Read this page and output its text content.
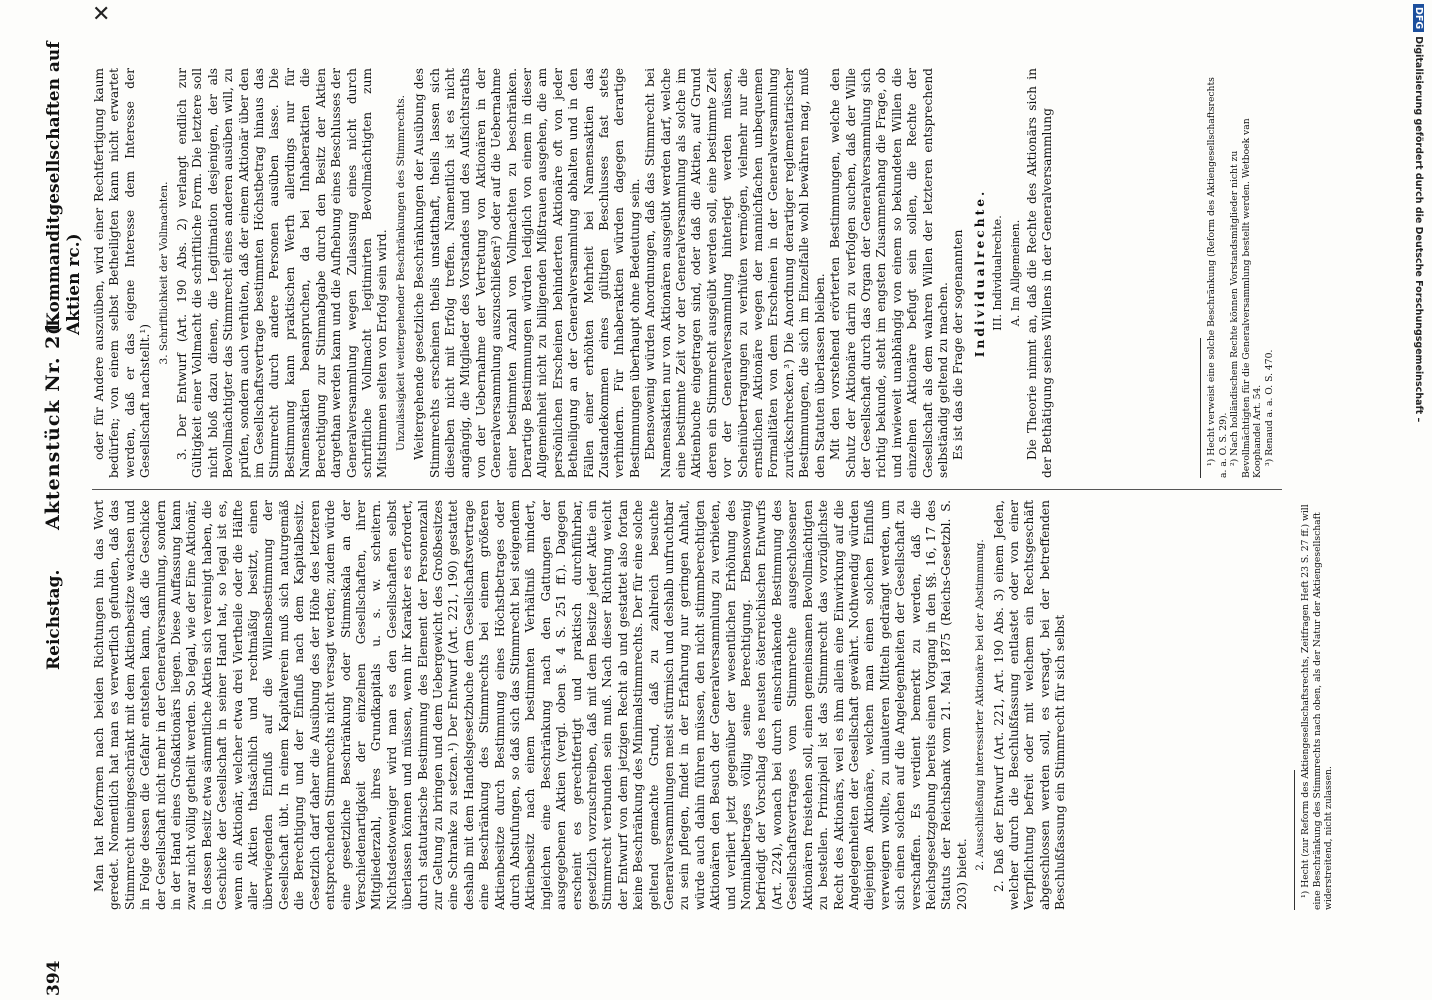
✕	DFGDigitalisierung gefördert durch die Deutsche Forschungsgemeinschaft –
394
Reichstag.
Aktenstück Nr. 21.
(Kommanditgesellschaften auf Aktien rc.)

Man hat Reformen nach beiden Richtungen hin das Wort geredet. Nomentlich hat man es verwerflich gefunden, daß das Stimmrecht uneingeschränkt mit dem Aktienbesitze wachsen und in Folge dessen die Gefahr entstehen kann, daß die Geschicke der Gesellschaft nicht mehr in der Generalversammlung, sondern in der Hand eines Großaktionärs liegen. Diese Auffassung kann zwar nicht völlig getheilt werden. So legal, wie der Eine Aktionär, in dessen Besitz etwa sämmtliche Aktien sich vereinigt haben, die Geschicke der Gesellschaft in seiner Hand hat, so legal ist es, wenn ein Aktionär, welcher etwa drei Viertheile oder die Hälfte aller Aktien thatsächlich und rechtmäßig besitzt, einen überwiegenden Einfluß auf die Willensbestimmung der Gesellschaft übt. In einem Kapitalverein muß sich naturgemäß die Berechtigung und der Einfluß nach dem Kapitalbesitz. Gesetzlich darf daher die Ausübung des der Höhe des letzteren entsprechenden Stimmrechts nicht versagt werden; zudem würde eine gesetzliche Beschränkung oder Stimmskala an der Verschiedenartigkeit der einzelnen Gesellschaften, ihrer Mitgliederzahl, ihres Grundkapitals u. s. w. scheitern. Nichtsdestoweniger wird man es den Gesellschaften selbst überlassen können und müssen, wenn ihr Karakter es erfordert, durch statutarische Bestimmung des Element der Personenzahl zur Geltung zu bringen und dem Uebergewicht des Großbesitzes eine Schranke zu setzen.¹) Der Entwurf (Art. 221, 190) gestattet deshalb mit dem Handelsgesetzbuche dem Gesellschaftsvertrage eine Beschränkung des Stimmrechts bei einem größeren Aktienbesitze durch Bestimmung eines Höchstbetrages oder durch Abstufungen, so daß sich das Stimmrecht bei steigendem Aktienbesitz nach einem bestimmten Verhältniß mindert, ingleichen eine Beschränkung nach den Gattungen der ausgegebenen Aktien (vergl. oben §. 4 S. 251 ff.). Dagegen erscheint es gerechtfertigt und praktisch durchführbar, gesetzlich vorzuschreiben, daß mit dem Besitze jeder Aktie ein Stimmrecht verbunden sein muß. Nach dieser Richtung weicht der Entwurf von dem jetzigen Recht ab und gestattet also fortan keine Beschränkung des Minimalstimmrechts. Der für eine solche geltend gemachte Grund, daß zu zahlreich besuchte Generalversammlungen meist stürmisch und deshalb unfruchtbar zu sein pflegen, findet in der Erfahrung nur geringen Anhalt, würde auch dahin führen müssen, den nicht stimmberechtigten Aktionären den Besuch der Generalversammlung zu verbieten, und verliert jetzt gegenüber der wesentlichen Erhöhung des Nominalbetrages völlig seine Berechtigung. Ebensowenig befriedigt der Vorschlag des neusten österreichischen Entwurfs (Art. 224), wonach bei durch einschränkende Bestimmung des Gesellschaftsvertrages vom Stimmrechte ausgeschlossener Aktionären freistehen soll, einen gemeinsamen Bevollmächtigten zu bestellen. Prinzipiell ist das Stimmrecht das vorzüglichste Recht des Aktionärs, weil es ihm allein eine Einwirkung auf die Angelegenheiten der Gesellschaft gewährt. Nothwendig würden diejenigen Aktionäre, welchen man einen solchen Einfluß verweigern wollte, zu unlauteren Mitteln gedrängt werden, um sich einen solchen auf die Angelegenheiten der Gesellschaft zu verschaffen. Es verdient bemerkt zu werden, daß die Reichsgesetzgebung bereits einen Vorgang in den §§. 16, 17 des Statuts der Reichsbank vom 21. Mai 1875 (Reichs-Gesetzbl. S. 203) bietet.

2. Ausschließung interessirter Aktionäre bei der Abstimmung. 2. Daß der Entwurf (Art. 221, Art. 190 Abs. 3) einem Jeden, welcher durch die Beschlußfassung entlastet oder von einer Verpflichtung befreit oder mit welchem ein Rechtsgeschäft abgeschlossen werden soll, es versagt, bei der betreffenden Beschlußfassung ein Stimmrecht für sich selbst	¹) Hecht (zur Reform des Aktiengesellschaftsrechts, Zeitfragen Heft 23 S. 27 ff.) will eine Beschränkung des Stimmrechts nach oben, als der Natur der Aktiengesellschaft widerstreitend, nicht zulassen.

oder für Andere auszuüben, wird einer Rechtfertigung kaum bedürfen; von einem selbst Betheiligten kann nicht erwartet werden, daß er das eigene Interesse dem Interesse der Gesellschaft nachstellt.¹)

3. Schriftlichkeit der Vollmachten. 3. Der Entwurf (Art. 190 Abs. 2) verlangt endlich zur Gültigkeit einer Vollmacht die schriftliche Form. Die letztere soll nicht bloß dazu dienen, die Legitimation desjenigen, der als Bevollmächtigter das Stimmrecht eines anderen ausüben will, zu prüfen, sondern auch verhüten, daß der einem Aktionär über den im Gesellschaftsvertrage bestimmten Höchstbetrag hinaus das Stimmrecht durch andere Personen ausüben lasse. Die Bestimmung kann praktischen Werth allerdings nur für Namensaktien beanspruchen, da bei Inhaberaktien die Berechtigung zur Stimmabgabe durch den Besitz der Aktien dargethan werden kann und die Aufhebung eines Beschlusses der Generalversammlung wegen Zulassung eines nicht durch schriftliche Vollmacht legitimirten Bevollmächtigten zum Mitstimmen selten von Erfolg sein wird. Unzulässigkeit weitergehender Beschränkungen des Stimmrechts. Weitergehende gesetzliche Beschränkungen der Ausübung des Stimmrechts erscheinen theils unstatthaft, theils lassen sich dieselben nicht mit Erfolg treffen. Namentlich ist es nicht angängig, die Mitglieder des Vorstandes und des Aufsichtsraths von der Uebernahme der Vertretung von Aktionären in der Generalversammlung auszuschließen²) oder auf die Uebernahme einer bestimmten Anzahl von Vollmachten zu beschränken. Derartige Bestimmungen würden lediglich von einem in dieser Allgemeinheit nicht zu billigenden Mißtrauen ausgehen, die am persönlichen Erscheinen behinderten Aktionäre oft von jeder Betheiligung an der Generalversammlung abhalten und in den Fällen einer erhöhten Mehrheit bei Namensaktien das Zustandekommen eines gültigen Beschlusses fast stets verhindern. Für Inhaberaktien würden dagegen derartige Bestimmungen überhaupt ohne Bedeutung sein. Ebensowenig würden Anordnungen, daß das Stimmrecht bei Namensaktien nur von Aktionären ausgeübt werden darf, welche eine bestimmte Zeit vor der Generalversammlung als solche im Aktienbuche eingetragen sind, oder daß die Aktien, auf Grund deren ein Stimmrecht ausgeübt werden soll, eine bestimmte Zeit vor der Generalversammlung hinterlegt werden müssen, Scheinübertragungen zu verhüten vermögen, vielmehr nur die ernstlichen Aktionäre wegen der mannichfachen unbequemen Formalitäten von dem Erscheinen in der Generalversammlung zurückschrecken.³) Die Anordnung derartiger reglementarischer Bestimmungen, die sich im Einzelfalle wohl bewähren mag, muß den Statuten überlassen bleiben. Mit den vorstehend erörterten Bestimmungen, welche den Schutz der Aktionäre darin zu verfolgen suchen, daß der Wille der Gesellschaft durch das Organ der Generalversammlung sich richtig bekunde, steht im engsten Zusammenhang die Frage, ob und inwieweit unabhängig von einem so bekundeten Willen die einzelnen Aktionäre befugt sein sollen, die Rechte der Gesellschaft als dem wahren Willen der letzteren entsprechend selbständig geltend zu machen. Es ist das die Frage der sogenannten Individualrechte. III. Individualrechte. A. Im Allgemeinen. Die Theorie nimmt an, daß die Rechte des Aktionärs sich in der Bethätigung seines Willens in der Generalversammlung	¹) Hecht verweist eine solche Beschränkung (Reform des Aktiengesellschaftsrechts a. a. O. S. 29). ²) Nach holländischem Rechte können Vorstandsmitglieder nicht zu Bevollmächtigten für die Generalversammlung bestellt werden. Wetboek van Koophandel Art. 54. ³) Renaud a. a. O. S. 470.
